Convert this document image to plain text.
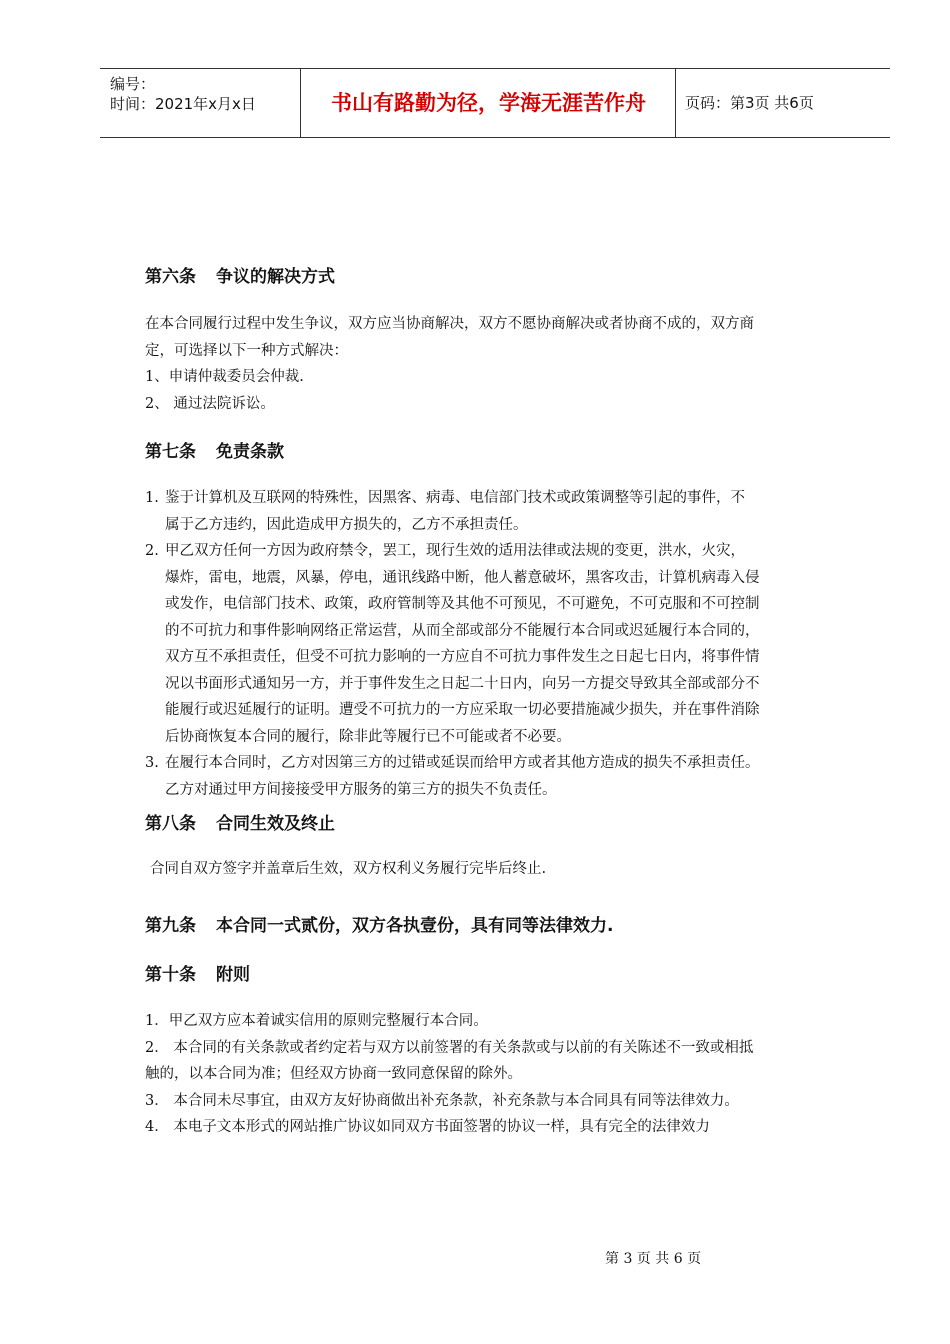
编号：
时间：2021年x月x日	书山有路勤为径，学海无涯苦作舟	页码：第3页 共6页
第六条 争议的解决方式
在本合同履行过程中发生争议，双方应当协商解决，双方不愿协商解决或者协商不成的，双方商
定，可选择以下一种方式解决：
1、申请仲裁委员会仲裁.
2、 通过法院诉讼。
第七条 免责条款
1. 鉴于计算机及互联网的特殊性，因黑客、病毒、电信部门技术或政策调整等引起的事件，不
属于乙方违约，因此造成甲方损失的，乙方不承担责任。
2. 甲乙双方任何一方因为政府禁令，罢工，现行生效的适用法律或法规的变更，洪水，火灾，
爆炸，雷电，地震，风暴，停电，通讯线路中断，他人蓄意破坏，黑客攻击，计算机病毒入侵
或发作，电信部门技术、政策，政府管制等及其他不可预见，不可避免，不可克服和不可控制
的不可抗力和事件影响网络正常运营，从而全部或部分不能履行本合同或迟延履行本合同的，
双方互不承担责任，但受不可抗力影响的一方应自不可抗力事件发生之日起七日内，将事件情
况以书面形式通知另一方，并于事件发生之日起二十日内，向另一方提交导致其全部或部分不
能履行或迟延履行的证明。遭受不可抗力的一方应采取一切必要措施减少损失，并在事件消除
后协商恢复本合同的履行，除非此等履行已不可能或者不必要。
3. 在履行本合同时，乙方对因第三方的过错或延误而给甲方或者其他方造成的损失不承担责任。
乙方对通过甲方间接接受甲方服务的第三方的损失不负责任。
第八条 合同生效及终止
合同自双方签字并盖章后生效，双方权利义务履行完毕后终止.
第九条 本合同一式贰份，双方各执壹份，具有同等法律效力.
第十条 附则
1．甲乙双方应本着诚实信用的原则完整履行本合同。
2． 本合同的有关条款或者约定若与双方以前签署的有关条款或与以前的有关陈述不一致或相抵
触的，以本合同为准；但经双方协商一致同意保留的除外。
3． 本合同未尽事宜，由双方友好协商做出补充条款，补充条款与本合同具有同等法律效力。
4． 本电子文本形式的网站推广协议如同双方书面签署的协议一样，具有完全的法律效力
第 3 页 共 6 页
